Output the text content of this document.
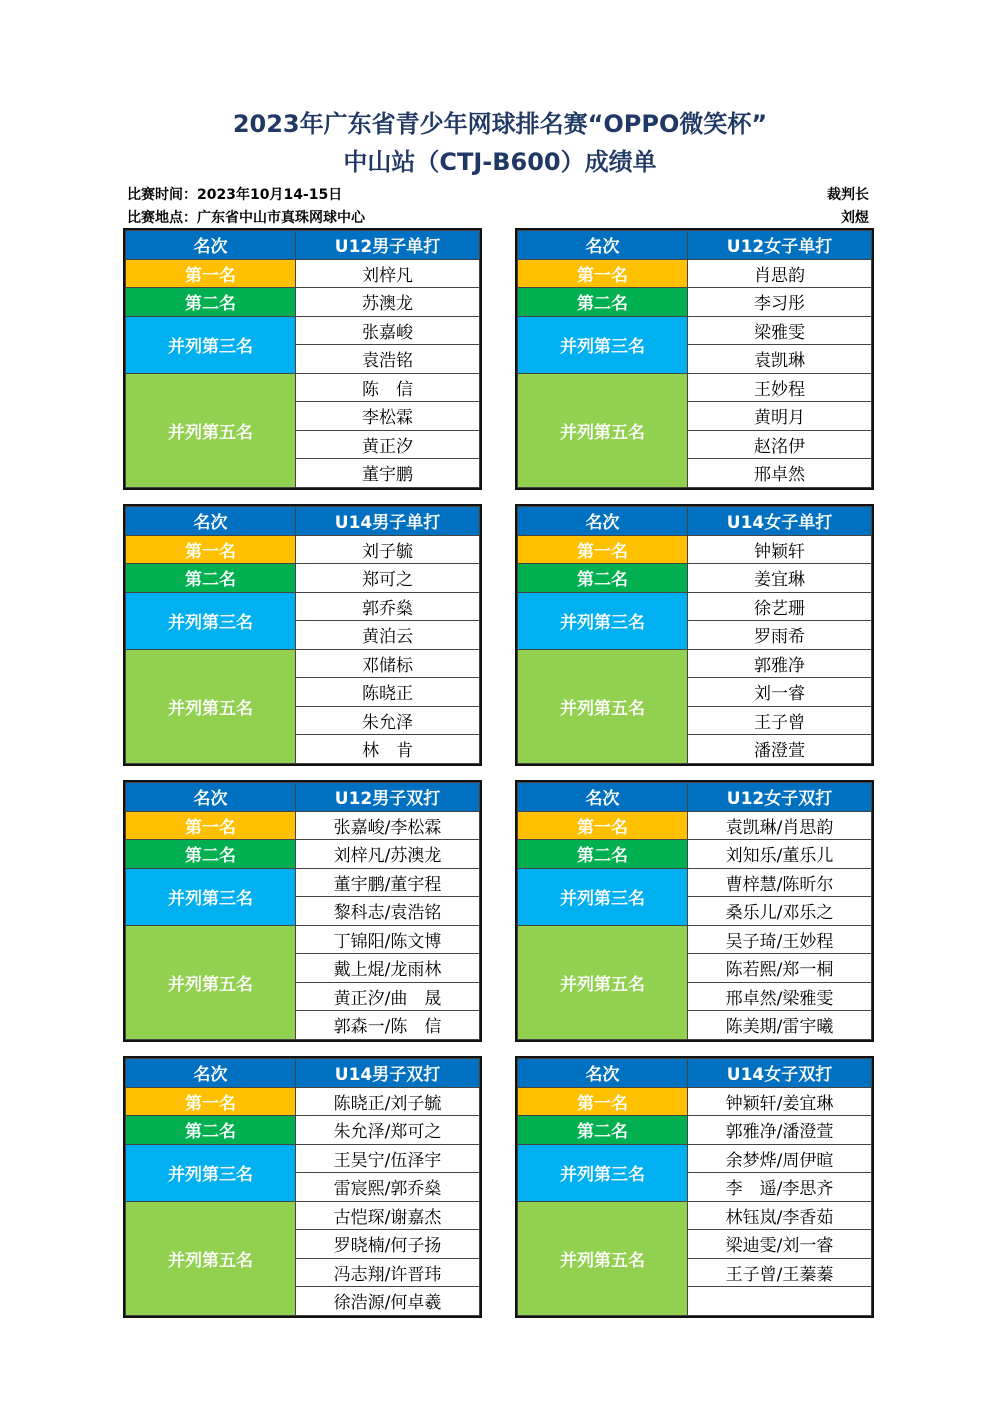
2023年广东省青少年网球排名赛“OPPO微笑杯”
中山站（CTJ-B600）成绩单
比赛时间：2023年10月14-15日
比赛地点：广东省中山市真珠网球中心
裁判长
刘煜
名次	U12男子单打
第一名	刘梓凡
第二名	苏澳龙
并列第三名	张嘉峻
	袁浩铭
并列第五名	陈　信
	李松霖
	黄正汐
	董宇鹏
名次	U12女子单打
第一名	肖思韵
第二名	李习彤
并列第三名	梁雅雯
	袁凯琳
并列第五名	王妙程
	黄明月
	赵洺伊
	邢卓然
名次	U14男子单打
第一名	刘子毓
第二名	郑可之
并列第三名	郭乔燊
	黄泊云
并列第五名	邓储标
	陈晓正
	朱允泽
	林　肯
名次	U14女子单打
第一名	钟颖轩
第二名	姜宜琳
并列第三名	徐艺珊
	罗雨希
并列第五名	郭雅净
	刘一睿
	王子曾
	潘澄萱
名次	U12男子双打
第一名	张嘉峻/李松霖
第二名	刘梓凡/苏澳龙
并列第三名	董宇鹏/董宇程
	黎科志/袁浩铭
并列第五名	丁锦阳/陈文博
	戴上焜/龙雨林
	黄正汐/曲　晟
	郭森一/陈　信
名次	U12女子双打
第一名	袁凯琳/肖思韵
第二名	刘知乐/董乐儿
并列第三名	曹梓慧/陈昕尔
	桑乐儿/邓乐之
并列第五名	吴子琦/王妙程
	陈若熙/郑一桐
	邢卓然/梁雅雯
	陈美期/雷宇曦
名次	U14男子双打
第一名	陈晓正/刘子毓
第二名	朱允泽/郑可之
并列第三名	王昊宁/伍泽宇
	雷宸熙/郭乔燊
并列第五名	古恺琛/谢嘉杰
	罗晓楠/何子扬
	冯志翔/许晋玮
	徐浩源/何卓羲
名次	U14女子双打
第一名	钟颖轩/姜宜琳
第二名	郭雅净/潘澄萱
并列第三名	余梦烨/周伊暄
	李　遥/李思齐
并列第五名	林钰岚/李香茹
	梁迪雯/刘一睿
	王子曾/王蓁蓁
